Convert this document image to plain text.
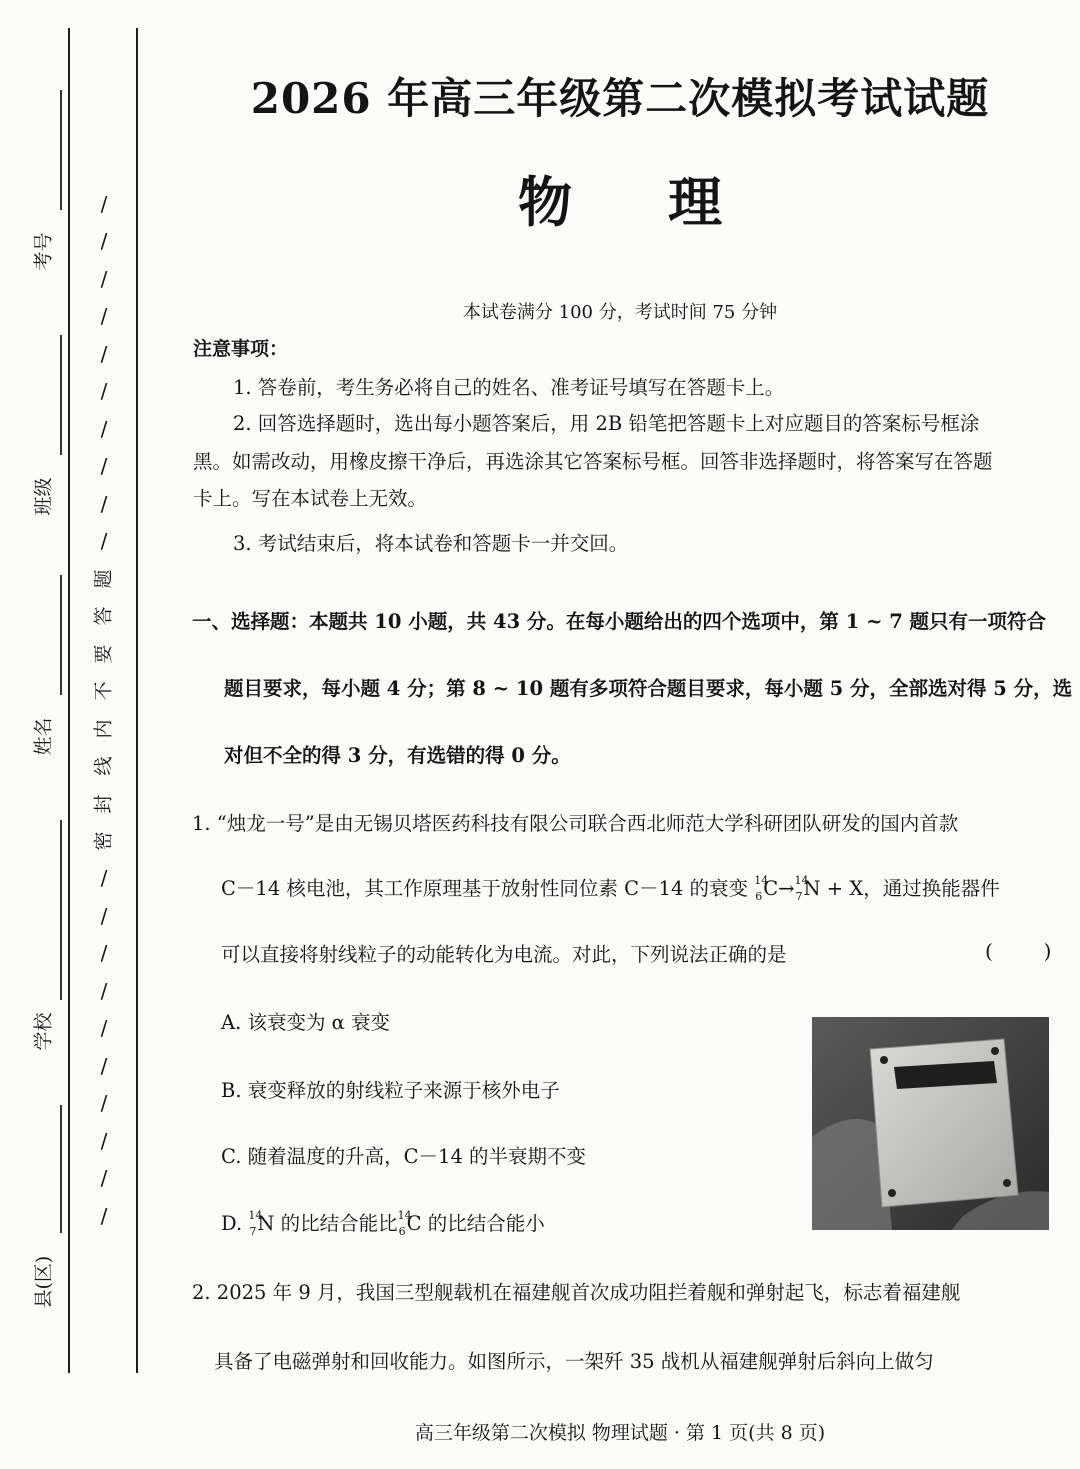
考号
班级
姓名
学校
县(区)
/
/
/
/
/
/
/
/
/
/
题
答
要
不
内
线
封
密
/
/
/
/
/
/
/
/
/
/
2026 年高三年级第二次模拟考试试题
物 理
本试卷满分 100 分，考试时间 75 分钟
注意事项：
1. 答卷前，考生务必将自己的姓名、准考证号填写在答题卡上。
2. 回答选择题时，选出每小题答案后，用 2B 铅笔把答题卡上对应题目的答案标号框涂
黑。如需改动，用橡皮擦干净后，再选涂其它答案标号框。回答非选择题时，将答案写在答题
卡上。写在本试卷上无效。
3. 考试结束后，将本试卷和答题卡一并交回。
一、选择题：本题共 10 小题，共 43 分。在每小题给出的四个选项中，第 1 ~ 7 题只有一项符合
题目要求，每小题 4 分；第 8 ~ 10 题有多项符合题目要求，每小题 5 分，全部选对得 5 分，选
对但不全的得 3 分，有选错的得 0 分。
1. “烛龙一号”是由无锡贝塔医药科技有限公司联合西北师范大学科研团队研发的国内首款
C－14 核电池，其工作原理基于放射性同位素 C－14 的衰变 14
6 C→ 14
7 N + X，通过换能器件
可以直接将射线粒子的动能转化为电流。对此，下列说法正确的是	(        )
A. 该衰变为 α 衰变
B. 衰变释放的射线粒子来源于核外电子
C. 随着温度的升高，C－14 的半衰期不变
D. 14
7 N 的比结合能比 14
6 C 的比结合能小
2. 2025 年 9 月，我国三型舰载机在福建舰首次成功阻拦着舰和弹射起飞，标志着福建舰
具备了电磁弹射和回收能力。如图所示，一架歼 35 战机从福建舰弹射后斜向上做匀
高三年级第二次模拟 物理试题 · 第 1 页(共 8 页)
